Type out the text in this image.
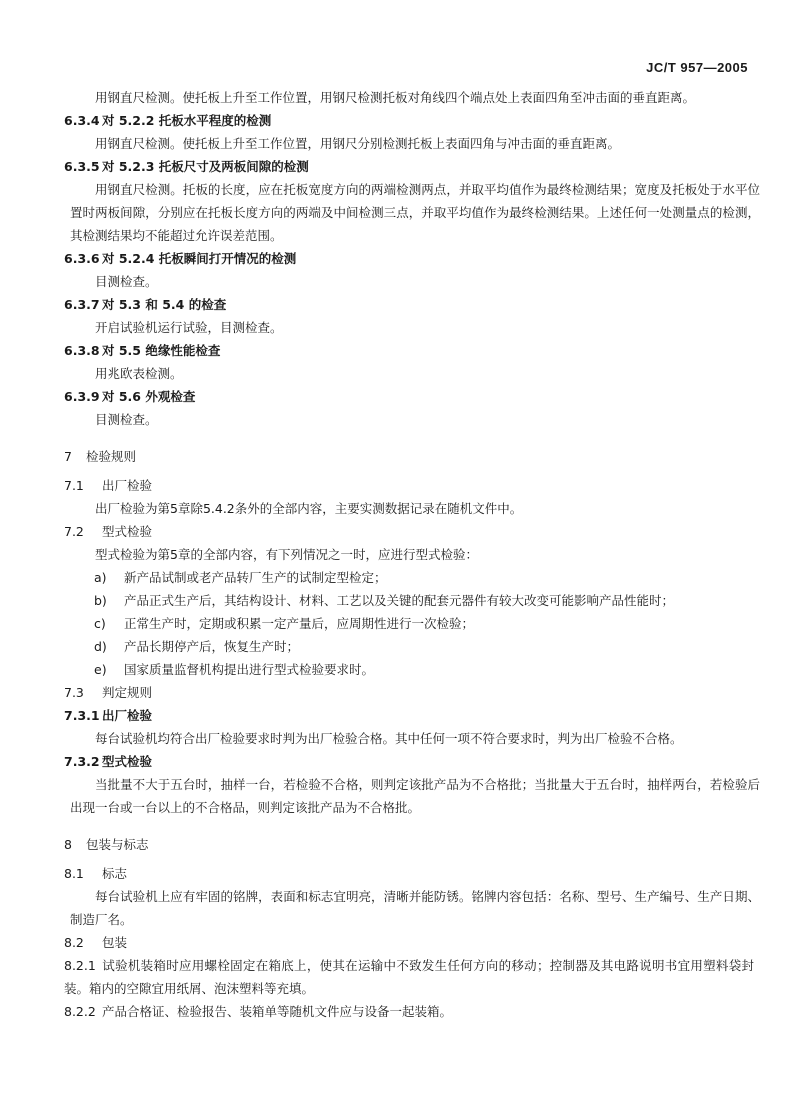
JC/T 957—2005

用钢直尺检测。使托板上升至工作位置，用钢尺检测托板对角线四个端点处上表面四角至冲击面的垂直距离。

6.3.4 对 5.2.2 托板水平程度的检测

用钢直尺检测。使托板上升至工作位置，用钢尺分别检测托板上表面四角与冲击面的垂直距离。

6.3.5 对 5.2.3 托板尺寸及两板间隙的检测

用钢直尺检测。托板的长度，应在托板宽度方向的两端检测两点，并取平均值作为最终检测结果；宽度及托板处于水平位置时两板间隙，分别应在托板长度方向的两端及中间检测三点，并取平均值作为最终检测结果。上述任何一处测量点的检测，其检测结果均不能超过允许误差范围。

6.3.6 对 5.2.4 托板瞬间打开情况的检测

目测检查。

6.3.7 对 5.3 和 5.4 的检查

开启试验机运行试验，目测检查。

6.3.8 对 5.5 绝缘性能检查

用兆欧表检测。

6.3.9 对 5.6 外观检查

目测检查。

7 检验规则

7.1 出厂检验

出厂检验为第5章除5.4.2条外的全部内容，主要实测数据记录在随机文件中。

7.2 型式检验

型式检验为第5章的全部内容，有下列情况之一时，应进行型式检验：

a) 新产品试制或老产品转厂生产的试制定型检定；

b) 产品正式生产后，其结构设计、材料、工艺以及关键的配套元器件有较大改变可能影响产品性能时；

c) 正常生产时，定期或积累一定产量后，应周期性进行一次检验；

d) 产品长期停产后，恢复生产时；

e) 国家质量监督机构提出进行型式检验要求时。

7.3 判定规则

7.3.1 出厂检验

每台试验机均符合出厂检验要求时判为出厂检验合格。其中任何一项不符合要求时，判为出厂检验不合格。

7.3.2 型式检验

当批量不大于五台时，抽样一台，若检验不合格，则判定该批产品为不合格批；当批量大于五台时，抽样两台，若检验后出现一台或一台以上的不合格品，则判定该批产品为不合格批。

8 包装与标志

8.1 标志

每台试验机上应有牢固的铭牌，表面和标志宜明亮，清晰并能防锈。铭牌内容包括：名称、型号、生产编号、生产日期、制造厂名。

8.2 包装

8.2.1 试验机装箱时应用螺栓固定在箱底上，使其在运输中不致发生任何方向的移动；控制器及其电路说明书宜用塑料袋封装。箱内的空隙宜用纸屑、泡沫塑料等充填。

8.2.2 产品合格证、检验报告、装箱单等随机文件应与设备一起装箱。
